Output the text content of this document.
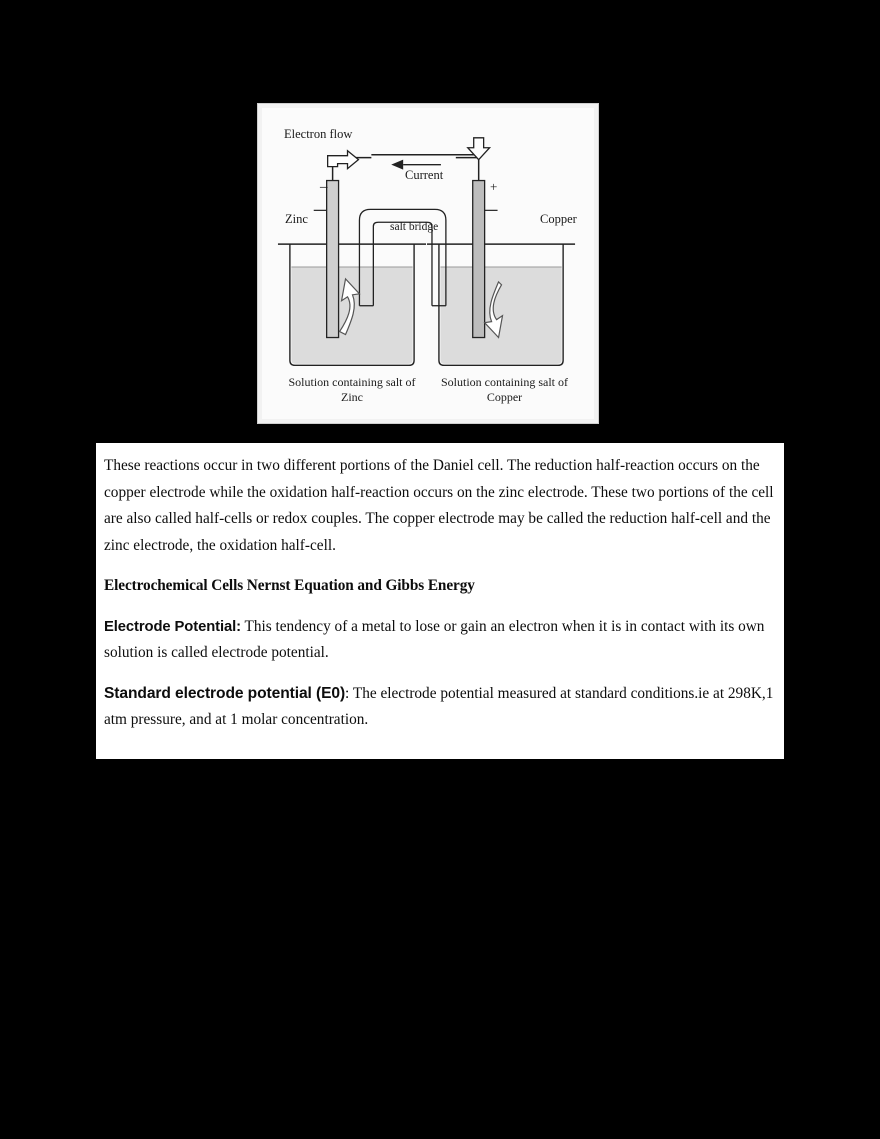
Electron flow
Current
Zinc	Copper
salt bridge
–	+
Solution containing salt of Zinc
Solution containing salt of Copper

These reactions occur in two different portions of the Daniel cell. The reduction half-reaction occurs on the copper electrode while the oxidation half-reaction occurs on the zinc electrode. These two portions of the cell are also called half-cells or redox couples. The copper electrode may be called the reduction half-cell and the zinc electrode, the oxidation half-cell.

Electrochemical Cells Nernst Equation and Gibbs Energy

Electrode Potential: This tendency of a metal to lose or gain an electron when it is in contact with its own solution is called electrode potential.

Standard electrode potential (E0): The electrode potential measured at standard conditions.ie at 298K,1 atm pressure, and at 1 molar concentration.
